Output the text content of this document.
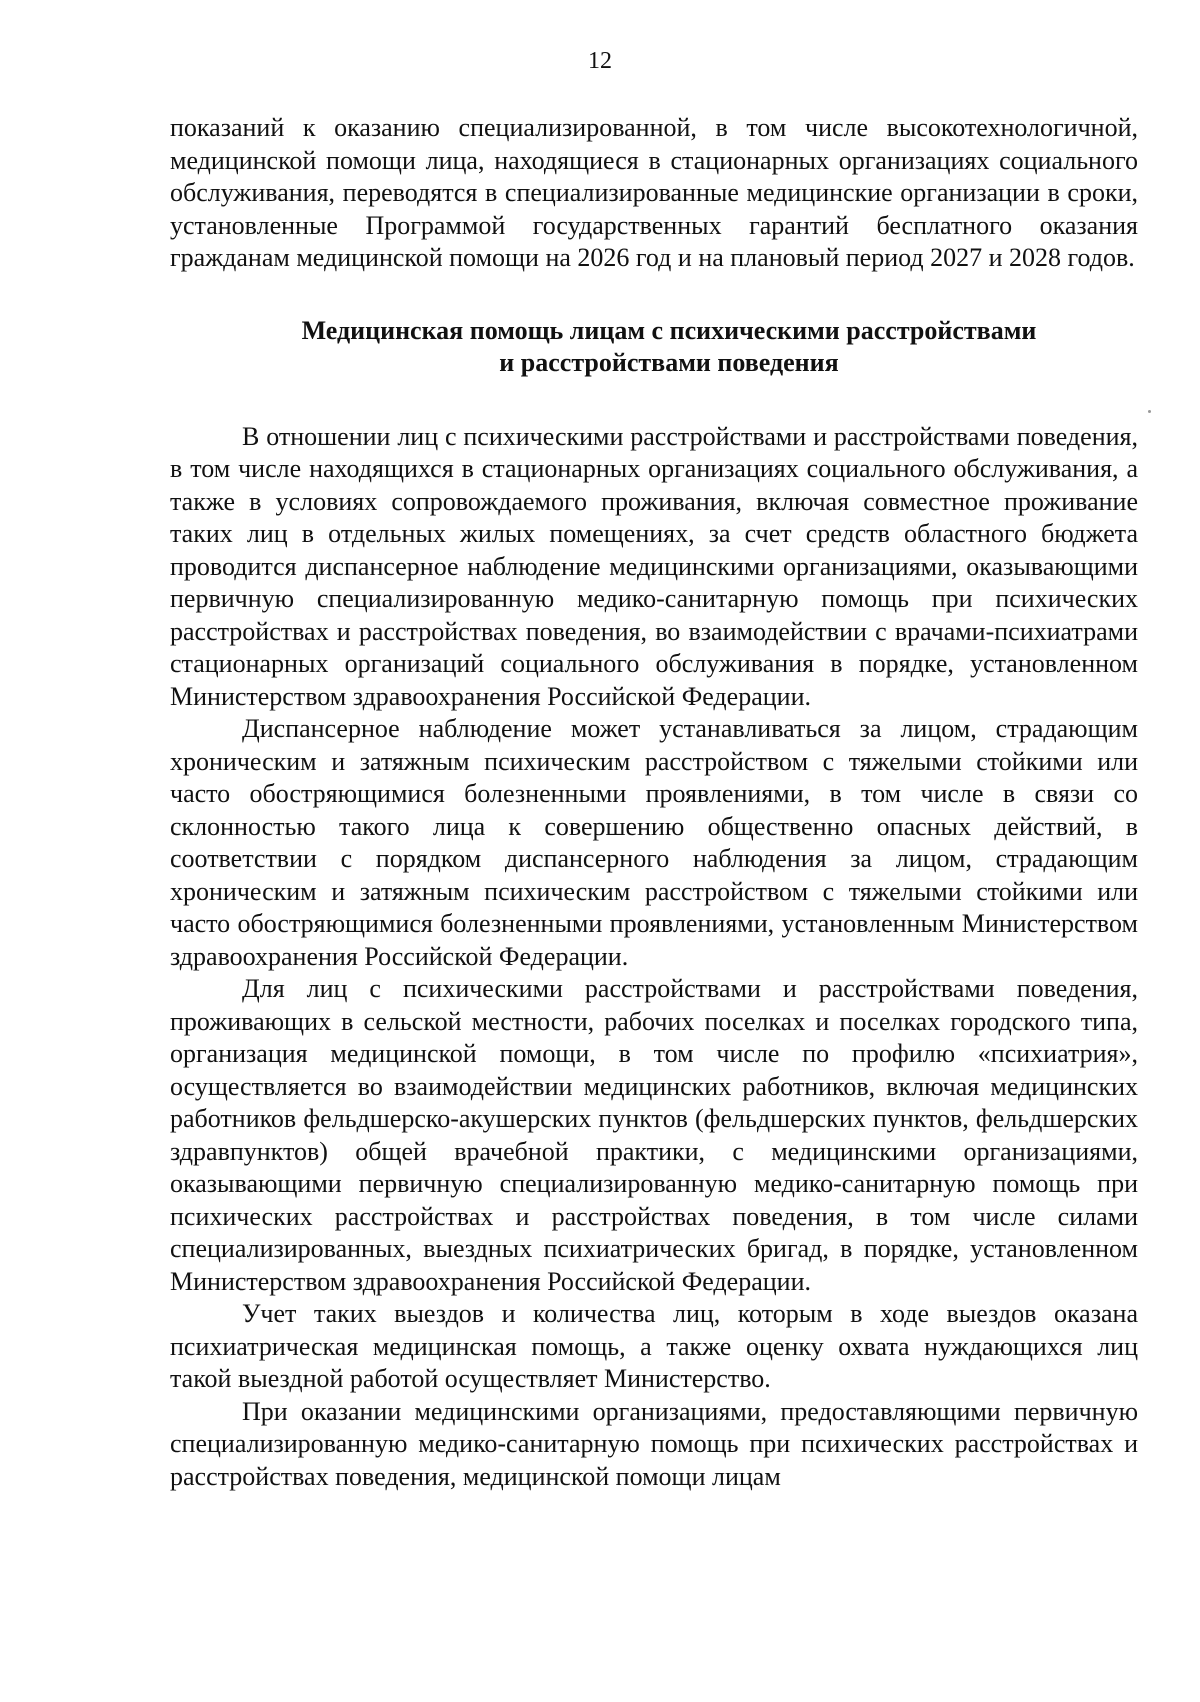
12

показаний к оказанию специализированной, в том числе высокотехнологичной, медицинской помощи лица, находящиеся в стационарных организациях социального обслуживания, переводятся в специализированные медицинские организации в сроки, установленные Программой государственных гарантий бесплатного оказания гражданам медицинской помощи на 2026 год и на плановый период 2027 и 2028 годов.

Медицинская помощь лицам с психическими расстройствами
и расстройствами поведения

В отношении лиц с психическими расстройствами и расстройствами поведения, в том числе находящихся в стационарных организациях социального обслуживания, а также в условиях сопровождаемого проживания, включая совместное проживание таких лиц в отдельных жилых помещениях, за счет средств областного бюджета проводится диспансерное наблюдение медицинскими организациями, оказывающими первичную специализированную медико-санитарную помощь при психических расстройствах и расстройствах поведения, во взаимодействии с врачами-психиатрами стационарных организаций социального обслуживания в порядке, установленном Министерством здравоохранения Российской Федерации.

Диспансерное наблюдение может устанавливаться за лицом, страдающим хроническим и затяжным психическим расстройством с тяжелыми стойкими или часто обостряющимися болезненными проявлениями, в том числе в связи со склонностью такого лица к совершению общественно опасных действий, в соответствии с порядком диспансерного наблюдения за лицом, страдающим хроническим и затяжным психическим расстройством с тяжелыми стойкими или часто обостряющимися болезненными проявлениями, установленным Министерством здравоохранения Российской Федерации.

Для лиц с психическими расстройствами и расстройствами поведения, проживающих в сельской местности, рабочих поселках и поселках городского типа, организация медицинской помощи, в том числе по профилю «психиатрия», осуществляется во взаимодействии медицинских работников, включая медицинских работников фельдшерско-акушерских пунктов (фельдшерских пунктов, фельдшерских здравпунктов) общей врачебной практики, с медицинскими организациями, оказывающими первичную специализированную медико-санитарную помощь при психических расстройствах и расстройствах поведения, в том числе силами специализированных, выездных психиатрических бригад, в порядке, установленном Министерством здравоохранения Российской Федерации.

Учет таких выездов и количества лиц, которым в ходе выездов оказана психиатрическая медицинская помощь, а также оценку охвата нуждающихся лиц такой выездной работой осуществляет Министерство.

При оказании медицинскими организациями, предоставляющими первичную специализированную медико-санитарную помощь при психических расстройствах и расстройствах поведения, медицинской помощи лицам
